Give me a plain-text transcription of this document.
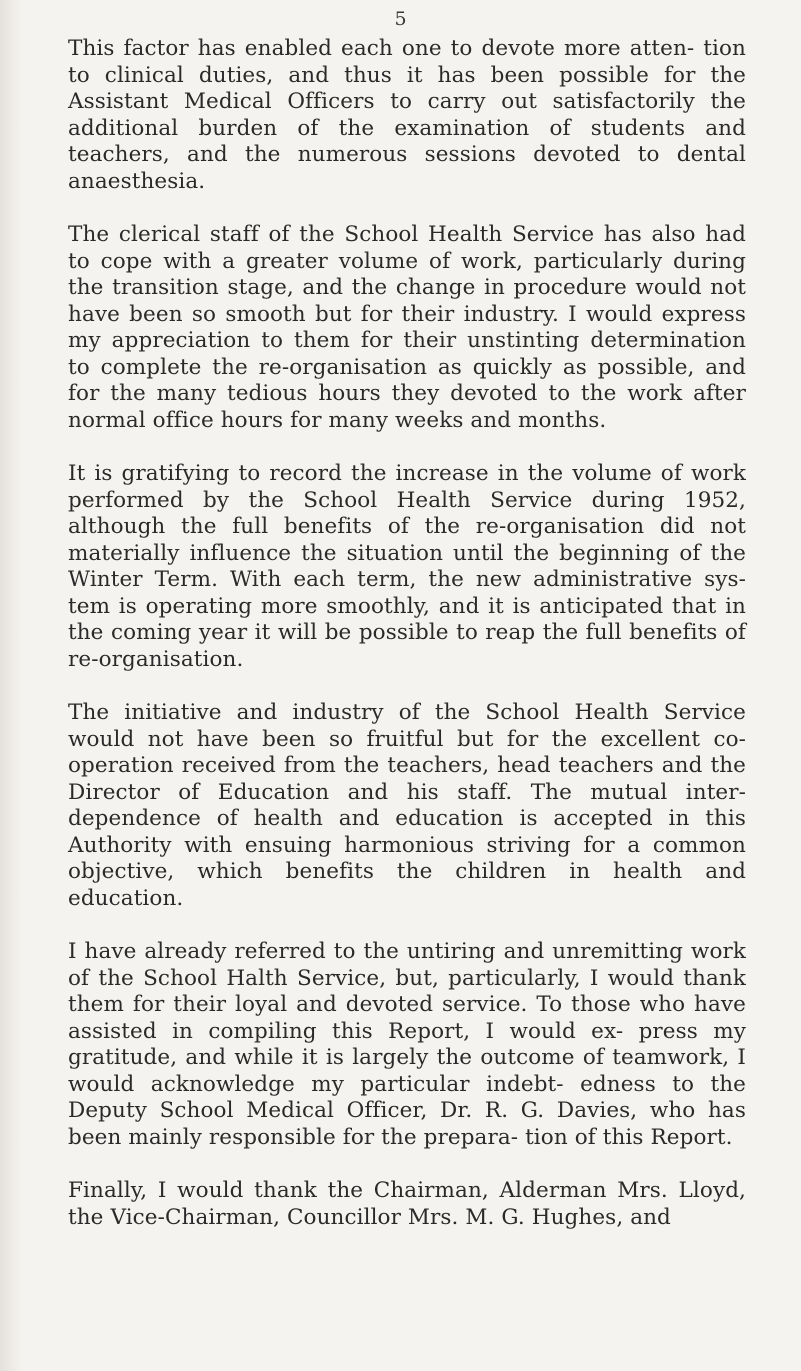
5

This factor has enabled each one to devote more atten- tion to clinical duties, and thus it has been possible for the Assistant Medical Officers to carry out satisfactorily the additional burden of the examination of students and teachers, and the numerous sessions devoted to dental anaesthesia.

The clerical staff of the School Health Service has also had to cope with a greater volume of work, particularly during the transition stage, and the change in procedure would not have been so smooth but for their industry. I would express my appreciation to them for their unstinting determination to complete the re-organisation as quickly as possible, and for the many tedious hours they devoted to the work after normal office hours for many weeks and months.

It is gratifying to record the increase in the volume of work performed by the School Health Service during 1952, although the full benefits of the re-organisation did not materially influence the situation until the beginning of the Winter Term. With each term, the new administrative sys- tem is operating more smoothly, and it is anticipated that in the coming year it will be possible to reap the full benefits of re-organisation.

The initiative and industry of the School Health Service would not have been so fruitful but for the excellent co- operation received from the teachers, head teachers and the Director of Education and his staff. The mutual inter- dependence of health and education is accepted in this Authority with ensuing harmonious striving for a common objective, which benefits the children in health and education.

I have already referred to the untiring and unremitting work of the School Halth Service, but, particularly, I would thank them for their loyal and devoted service. To those who have assisted in compiling this Report, I would ex- press my gratitude, and while it is largely the outcome of teamwork, I would acknowledge my particular indebt- edness to the Deputy School Medical Officer, Dr. R. G. Davies, who has been mainly responsible for the prepara- tion of this Report.

Finally, I would thank the Chairman, Alderman Mrs. Lloyd, the Vice-Chairman, Councillor Mrs. M. G. Hughes, and
